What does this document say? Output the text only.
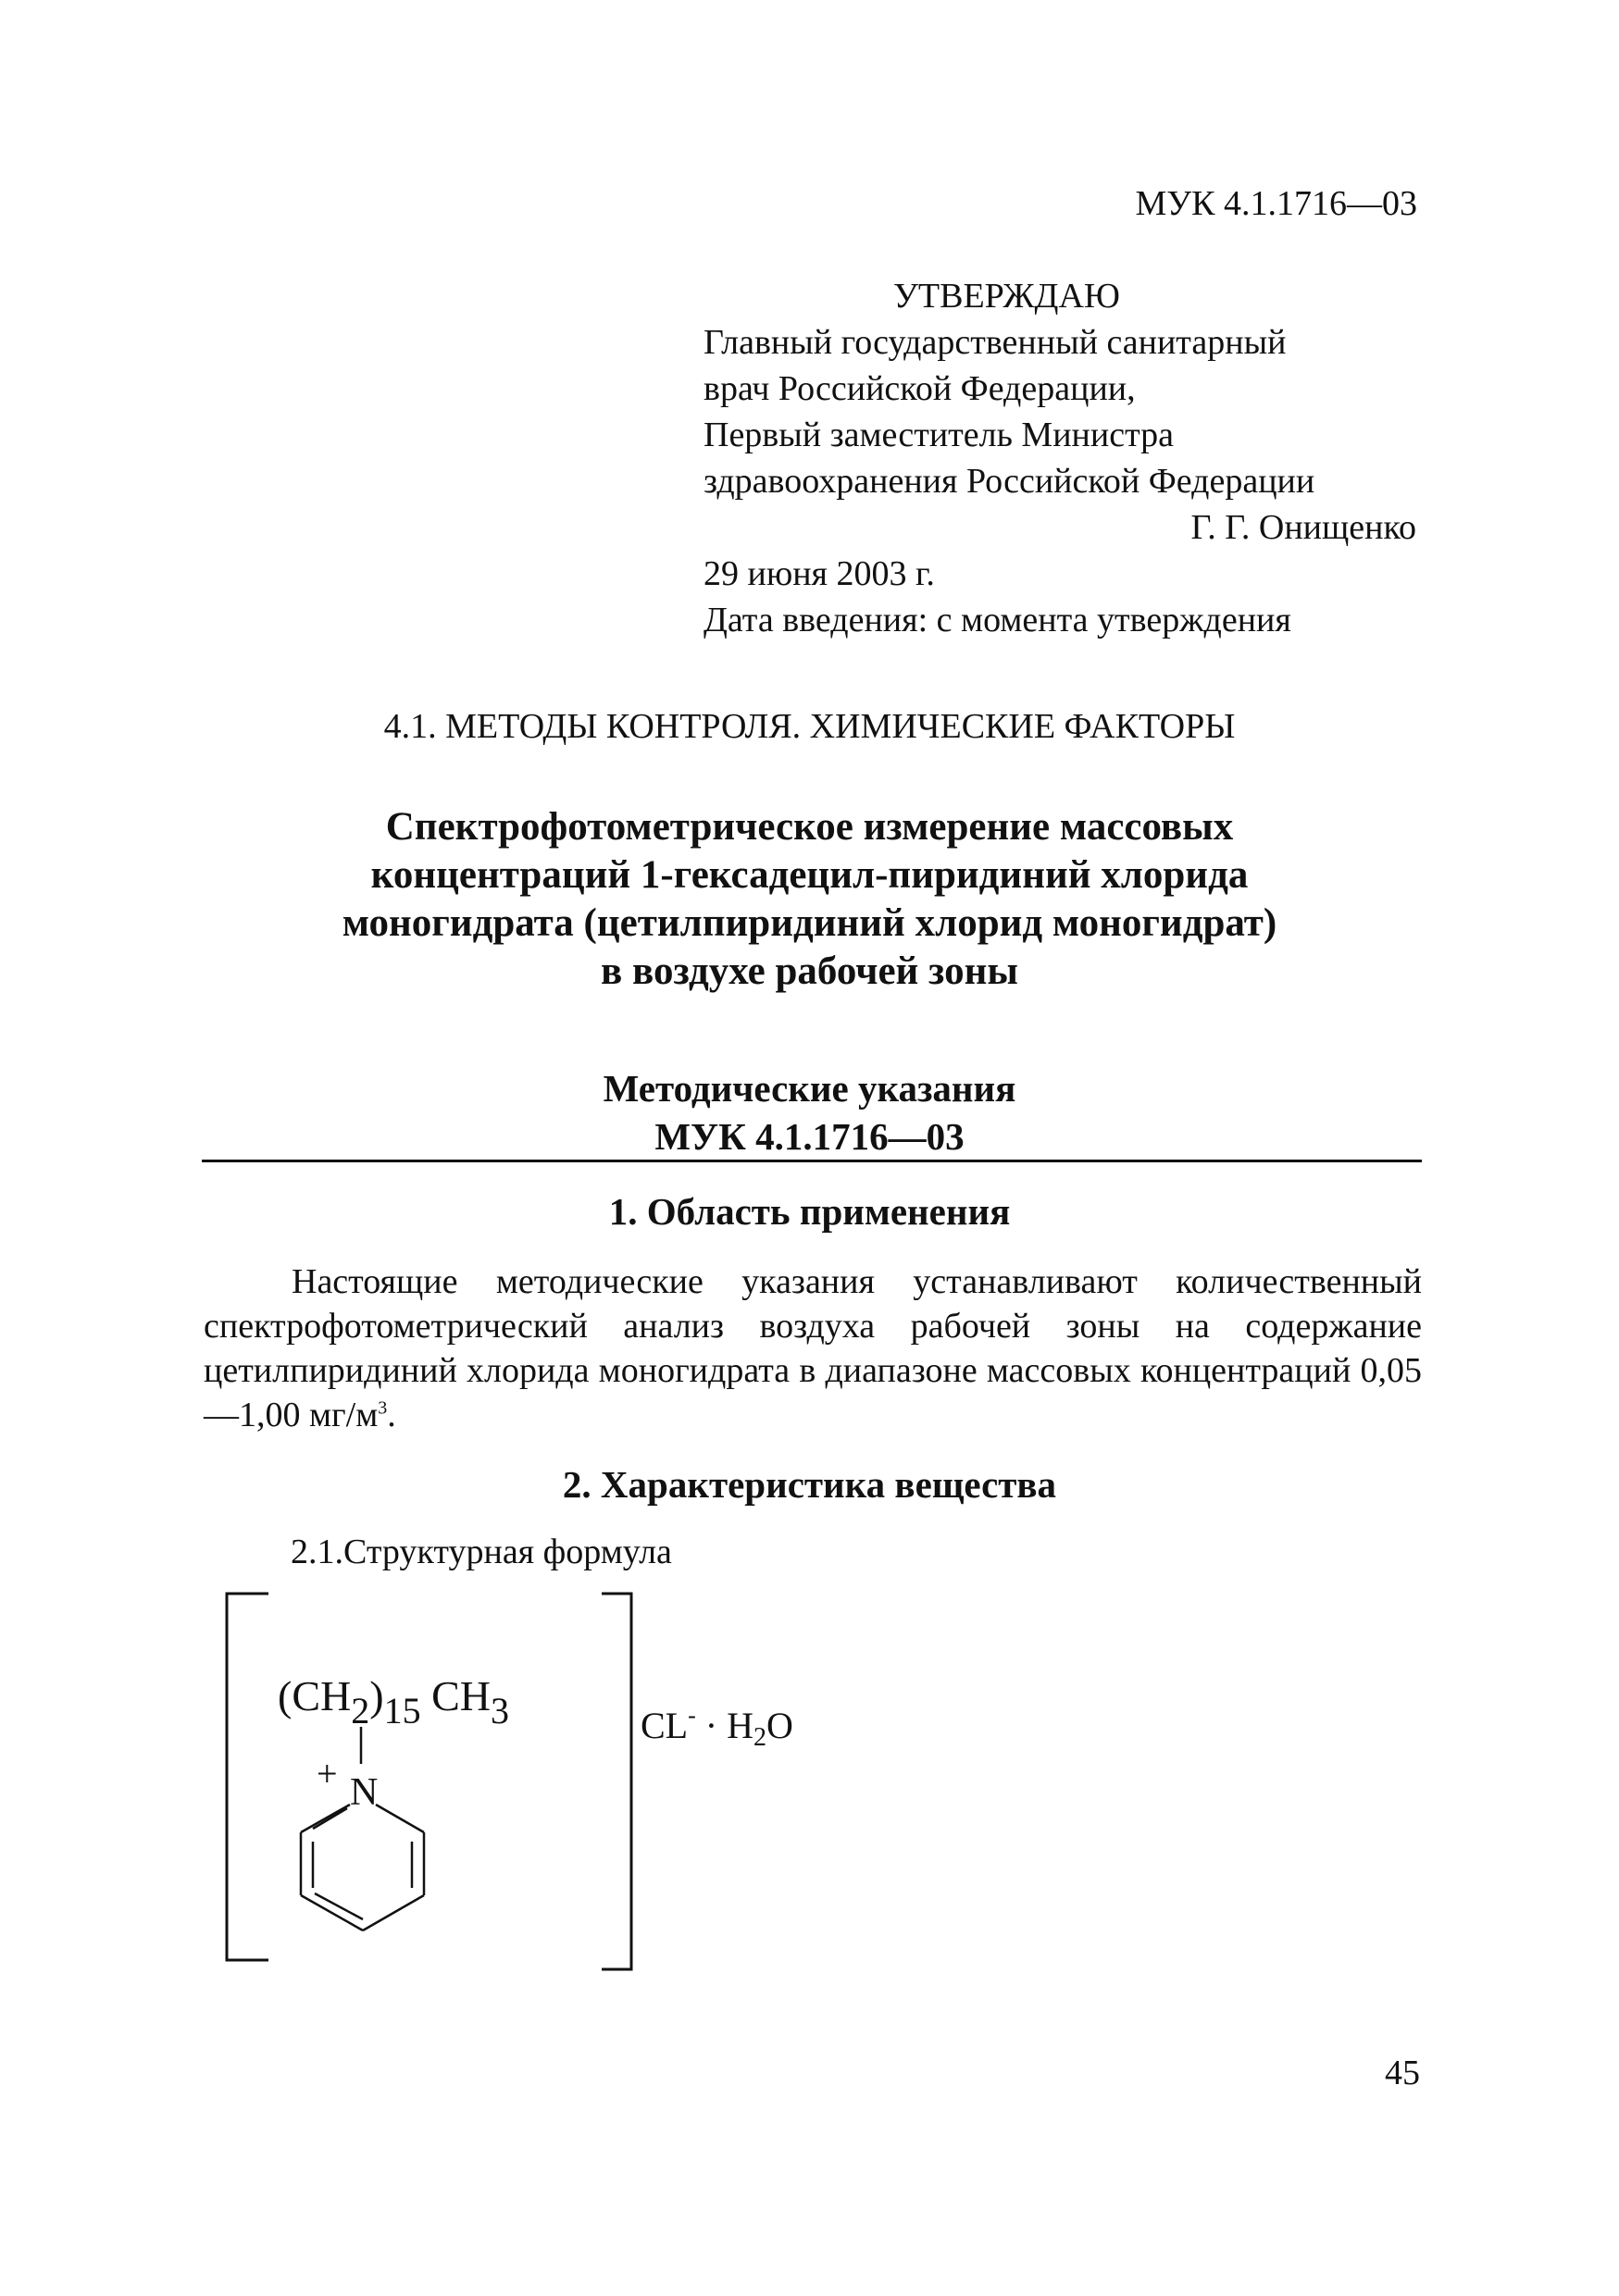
МУК 4.1.1716—03
УТВЕРЖДАЮ
Главный государственный санитарный
врач Российской Федерации,
Первый заместитель Министра
здравоохранения Российской Федерации
Г. Г. Онищенко
29 июня 2003 г.
Дата введения: с момента утверждения
4.1. МЕТОДЫ КОНТРОЛЯ. ХИМИЧЕСКИЕ ФАКТОРЫ
Спектрофотометрическое измерение массовых
концентраций 1-гексадецил-пиридиний хлорида
моногидрата (цетилпиридиний хлорид моногидрат)
в воздухе рабочей зоны
Методические указания
МУК 4.1.1716—03
1. Область применения
Настоящие методические указания устанавливают количественный спектрофотометрический анализ воздуха рабочей зоны на содержание цетилпиридиний хлорида моногидрата в диапазоне массовых концентраций 0,05—1,00 $мг/м^3$.
2. Характеристика вещества
2.1.Структурная формула
(CH2)15 CH3
+ N
$CL^- \cdot H_2O$
45
